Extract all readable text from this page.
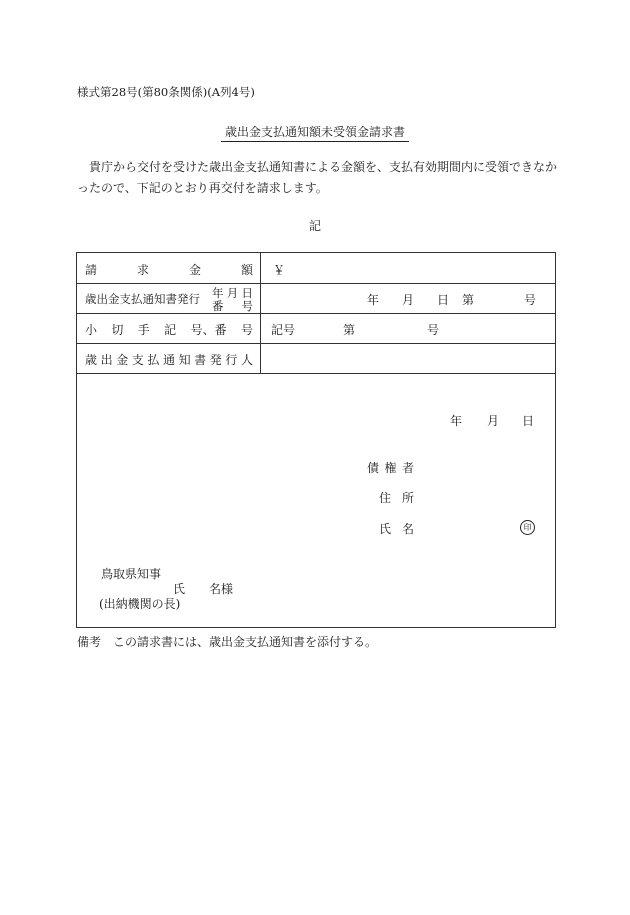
様式第28号(第80条関係)(A列4号)
歳出金支払通知額未受領金請求書
貴庁から交付を受けた歳出金支払通知書による金額を、支払有効期間内に受領できなかったので、下記のとおり再交付を請求します。
記
請	求	金	額 ￥
歳出金支払通知書発行 年 月 日
番 号	年 月 日 第	号
小 切 手 記 号、番 号 記号	第	号
歳 出 金 支 払 通 知 書 発 行 人
年 月 日
債 権 者
住 所
氏 名	印
鳥取県知事
氏　　名様
(出納機関の長)
備考　この請求書には、歳出金支払通知書を添付する。
